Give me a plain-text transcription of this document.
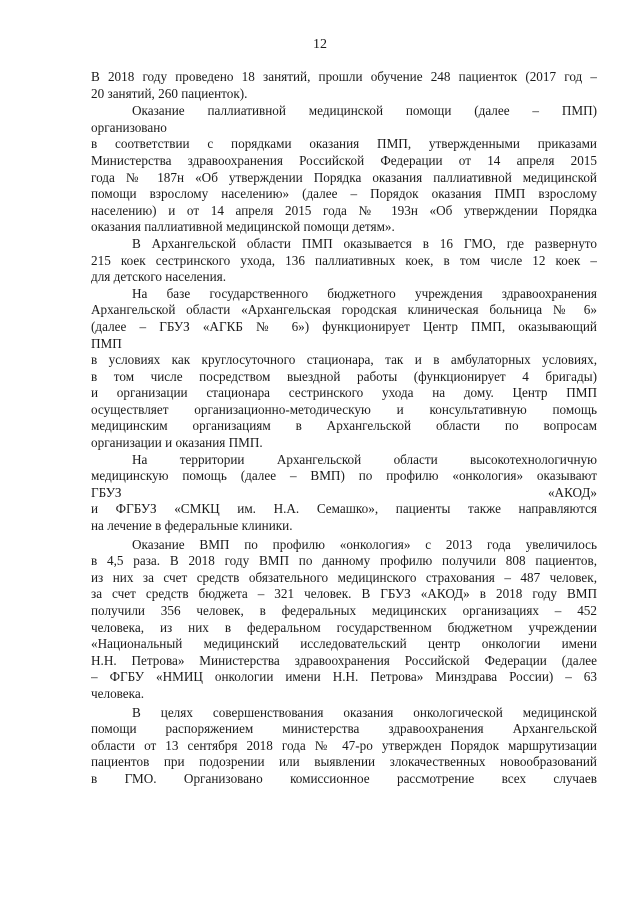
12
В 2018 году проведено 18 занятий, прошли обучение 248 пациенток (2017 год –
20 занятий, 260 пациенток).
Оказание паллиативной медицинской помощи (далее – ПМП)
организовано
в соответствии с порядками оказания ПМП, утвержденными приказами
Министерства здравоохранения Российской Федерации от 14 апреля 2015
года № 187н «Об утверждении Порядка оказания паллиативной медицинской
помощи взрослому населению» (далее – Порядок оказания ПМП взрослому
населению) и от 14 апреля 2015 года № 193н «Об утверждении Порядка
оказания паллиативной медицинской помощи детям».
В Архангельской области ПМП оказывается в 16 ГМО, где развернуто
215 коек сестринского ухода, 136 паллиативных коек, в том числе 12 коек –
для детского населения.
На базе государственного бюджетного учреждения здравоохранения
Архангельской области «Архангельская городская клиническая больница № 6»
(далее – ГБУЗ «АГКБ № 6») функционирует Центр ПМП, оказывающий
ПМП
в условиях как круглосуточного стационара, так и в амбулаторных условиях,
в том числе посредством выездной работы (функционирует 4 бригады)
и организации стационара сестринского ухода на дому. Центр ПМП
осуществляет организационно-методическую и консультативную помощь
медицинским организациям в Архангельской области по вопросам
организации и оказания ПМП.
На территории Архангельской области высокотехнологичную
медицинскую помощь (далее – ВМП) по профилю «онкология» оказывают
ГБУЗ «АКОД»
и ФГБУЗ «СМКЦ им. Н.А. Семашко», пациенты также направляются
на лечение в федеральные клиники.
Оказание ВМП по профилю «онкология» с 2013 года увеличилось
в 4,5 раза. В 2018 году ВМП по данному профилю получили 808 пациентов,
из них за счет средств обязательного медицинского страхования – 487 человек,
за счет средств бюджета – 321 человек. В ГБУЗ «АКОД» в 2018 году ВМП
получили 356 человек, в федеральных медицинских организациях – 452
человека, из них в федеральном государственном бюджетном учреждении
«Национальный медицинский исследовательский центр онкологии имени
Н.Н. Петрова» Министерства здравоохранения Российской Федерации (далее
– ФГБУ «НМИЦ онкологии имени Н.Н. Петрова» Минздрава России) – 63
человека.
В целях совершенствования оказания онкологической медицинской
помощи распоряжением министерства здравоохранения Архангельской
области от 13 сентября 2018 года № 47-ро утвержден Порядок маршрутизации
пациентов при подозрении или выявлении злокачественных новообразований
в ГМО. Организовано комиссионное рассмотрение всех случаев
